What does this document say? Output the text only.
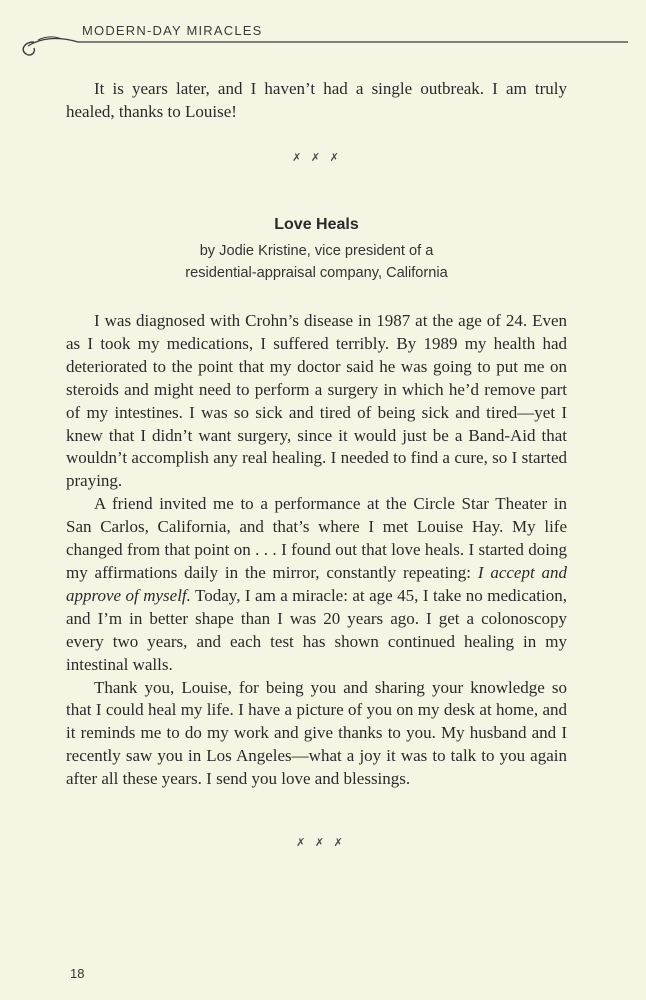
MODERN-DAY MIRACLES

It is years later, and I haven’t had a single outbreak. I am truly healed, thanks to Louise!

✗ ✗ ✗
Love Heals
by Jodie Kristine, vice president of a
residential-appraisal company, California

I was diagnosed with Crohn’s disease in 1987 at the age of 24. Even as I took my medications, I suffered terribly. By 1989 my health had deteriorated to the point that my doctor said he was going to put me on steroids and might need to perform a surgery in which he’d remove part of my intestines. I was so sick and tired of being sick and tired—yet I knew that I didn’t want surgery, since it would just be a Band-Aid that wouldn’t accomplish any real healing. I needed to find a cure, so I started praying.

A friend invited me to a performance at the Circle Star Theater in San Carlos, California, and that’s where I met Louise Hay. My life changed from that point on . . . I found out that love heals. I started doing my affirmations daily in the mirror, constantly repeating: I accept and approve of myself. Today, I am a miracle: at age 45, I take no medication, and I’m in better shape than I was 20 years ago. I get a colonoscopy every two years, and each test has shown continued healing in my intestinal walls.

Thank you, Louise, for being you and sharing your knowledge so that I could heal my life. I have a picture of you on my desk at home, and it reminds me to do my work and give thanks to you. My husband and I recently saw you in Los Angeles—what a joy it was to talk to you again after all these years. I send you love and blessings.

✗ ✗ ✗
18
